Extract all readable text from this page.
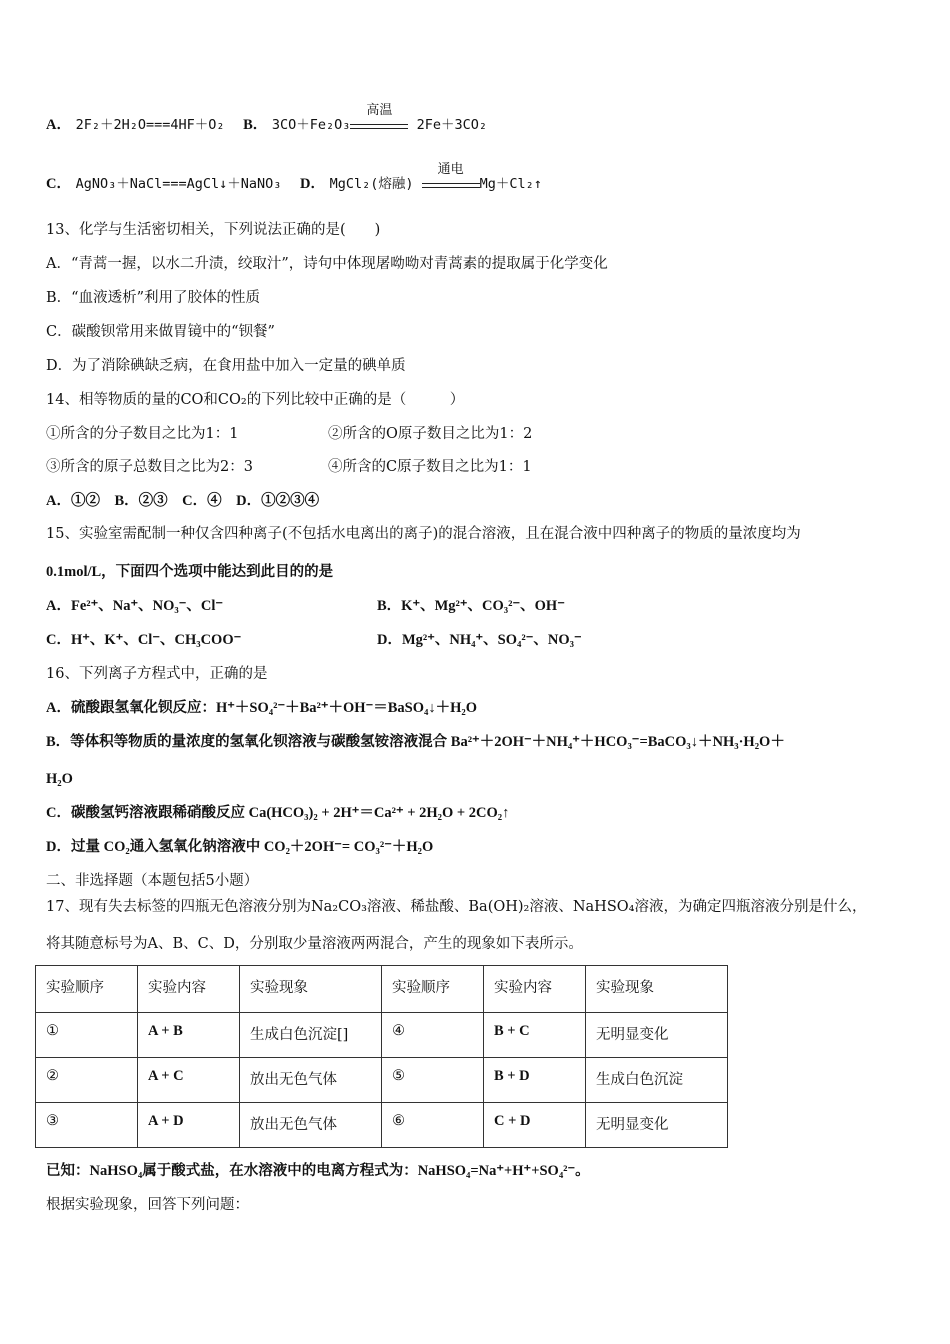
A． 2F₂＋2H₂O===4HF＋O₂ B． 3CO＋Fe₂O₃
高温
2Fe＋3CO₂
C． AgNO₃＋NaCl===AgCl↓＋NaNO₃ D． MgCl₂(熔融)
通电
Mg＋Cl₂↑
13、化学与生活密切相关，下列说法正确的是(　　)
A．“青蒿一握，以水二升渍，绞取汁”，诗句中体现屠呦呦对青蒿素的提取属于化学变化
B．“血液透析”利用了胶体的性质
C．碳酸钡常用来做胃镜中的“钡餐”
D．为了消除碘缺乏病，在食用盐中加入一定量的碘单质
14、相等物质的量的CO和CO₂的下列比较中正确的是（　　　）
①所含的分子数目之比为1：1	②所含的O原子数目之比为1：2
③所含的原子总数目之比为2：3	④所含的C原子数目之比为1：1
A．①②　B．②③　C．④　D．①②③④
15、实验室需配制一种仅含四种离子(不包括水电离出的离子)的混合溶液，且在混合液中四种离子的物质的量浓度均为
0.1mol/L，下面四个选项中能达到此目的的是
A．Fe²⁺、Na⁺、NO₃⁻、Cl⁻	B．K⁺、Mg²⁺、CO₃²⁻、OH⁻
C．H⁺、K⁺、Cl⁻、CH₃COO⁻	D．Mg²⁺、NH₄⁺、SO₄²⁻、NO₃⁻
16、下列离子方程式中，正确的是
A．硫酸跟氢氧化钡反应：H⁺＋SO₄²⁻＋Ba²⁺＋OH⁻＝BaSO₄↓＋H₂O
B．等体积等物质的量浓度的氢氧化钡溶液与碳酸氢铵溶液混合 Ba²⁺＋2OH⁻＋NH₄⁺＋HCO₃⁻=BaCO₃↓＋NH₃·H₂O＋
H₂O
C．碳酸氢钙溶液跟稀硝酸反应 Ca(HCO₃)₂ + 2H⁺＝Ca²⁺ + 2H₂O + 2CO₂↑
D．过量 CO₂通入氢氧化钠溶液中 CO₂＋2OH⁻= CO₃²⁻＋H₂O
二、非选择题（本题包括5小题）
17、现有失去标签的四瓶无色溶液分别为Na₂CO₃溶液、稀盐酸、Ba(OH)₂溶液、NaHSO₄溶液，为确定四瓶溶液分别是什么，
将其随意标号为A、B、C、D，分别取少量溶液两两混合，产生的现象如下表所示。
实验顺序	实验内容	实验现象	实验顺序	实验内容	实验现象
①	A + B	生成白色沉淀[]	④	B + C	无明显变化
②	A + C	放出无色气体	⑤	B + D	生成白色沉淀
③	A + D	放出无色气体	⑥	C + D	无明显变化
已知：NaHSO₄属于酸式盐，在水溶液中的电离方程式为：NaHSO₄=Na⁺+H⁺+SO₄²⁻。
根据实验现象，回答下列问题：
